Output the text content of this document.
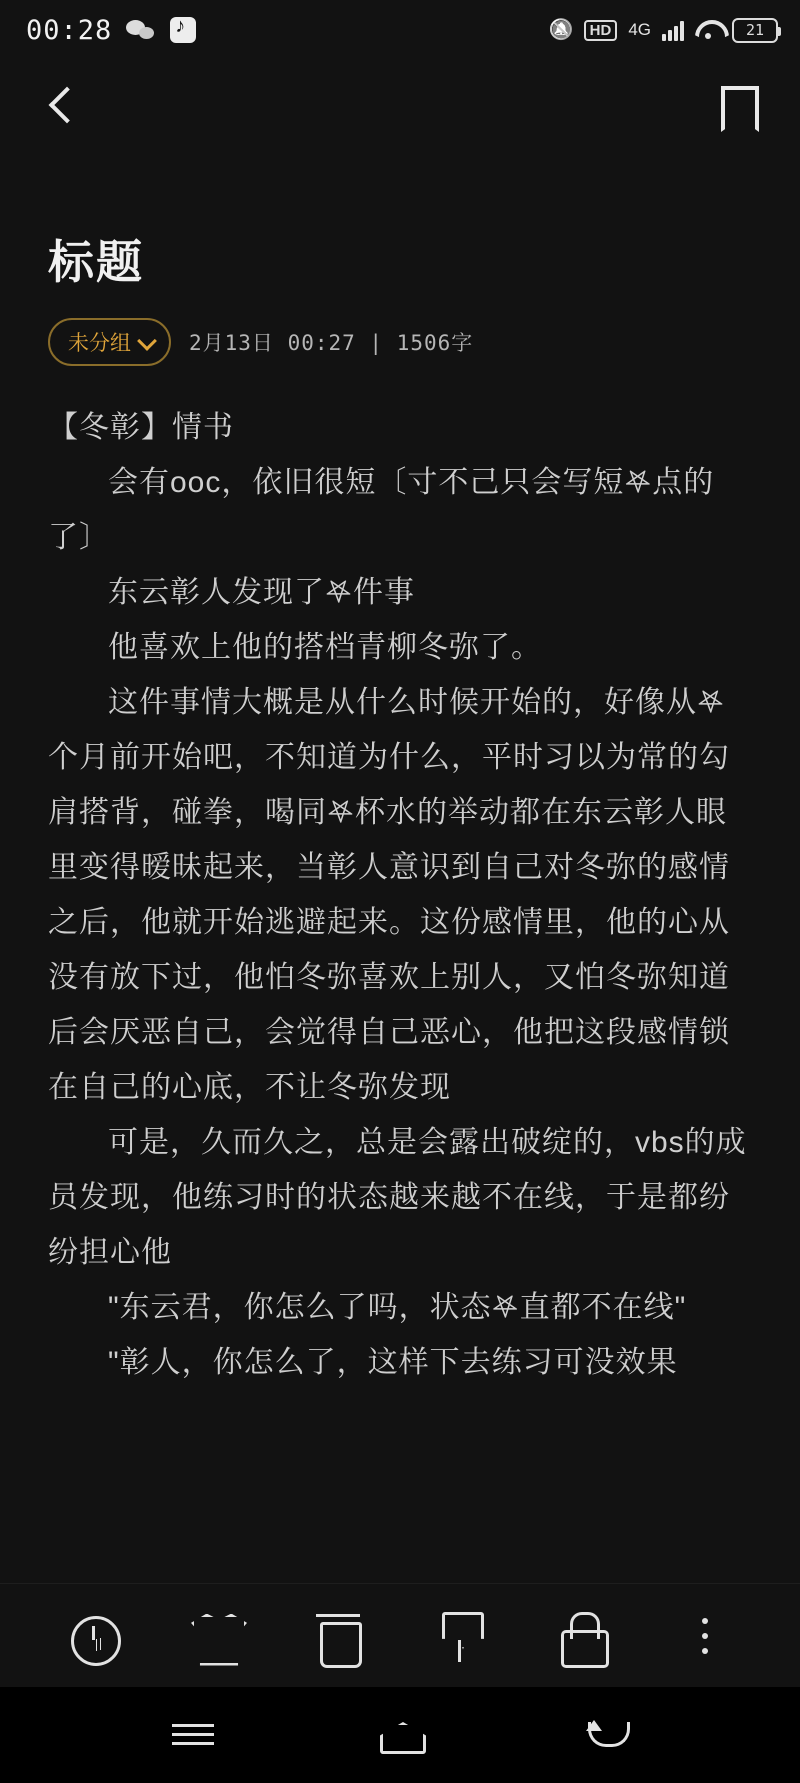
00:28 ♪ 🔕	HD	4G	21
标题
未分组	2月13日 00:27 | 1506字

【冬彰】情书

会有ooc，依旧很短〔寸不己只会写短𖤐点的了〕

东云彰人发现了𖤐件事

他喜欢上他的搭档青柳冬弥了。

这件事情大概是从什么时候开始的，好像从𖤐个月前开始吧，不知道为什么，平时习以为常的勾肩搭背，碰拳，喝同𖤐杯水的举动都在东云彰人眼里变得暧昧起来，当彰人意识到自己对冬弥的感情之后，他就开始逃避起来。这份感情里，他的心从没有放下过，他怕冬弥喜欢上别人，又怕冬弥知道后会厌恶自己，会觉得自己恶心，他把这段感情锁在自己的心底，不让冬弥发现

可是，久而久之，总是会露出破绽的，vbs的成员发现，他练习时的状态越来越不在线，于是都纷纷担心他

"东云君，你怎么了吗，状态𖤐直都不在线"

"彰人，你怎么了，这样下去练习可没效果
